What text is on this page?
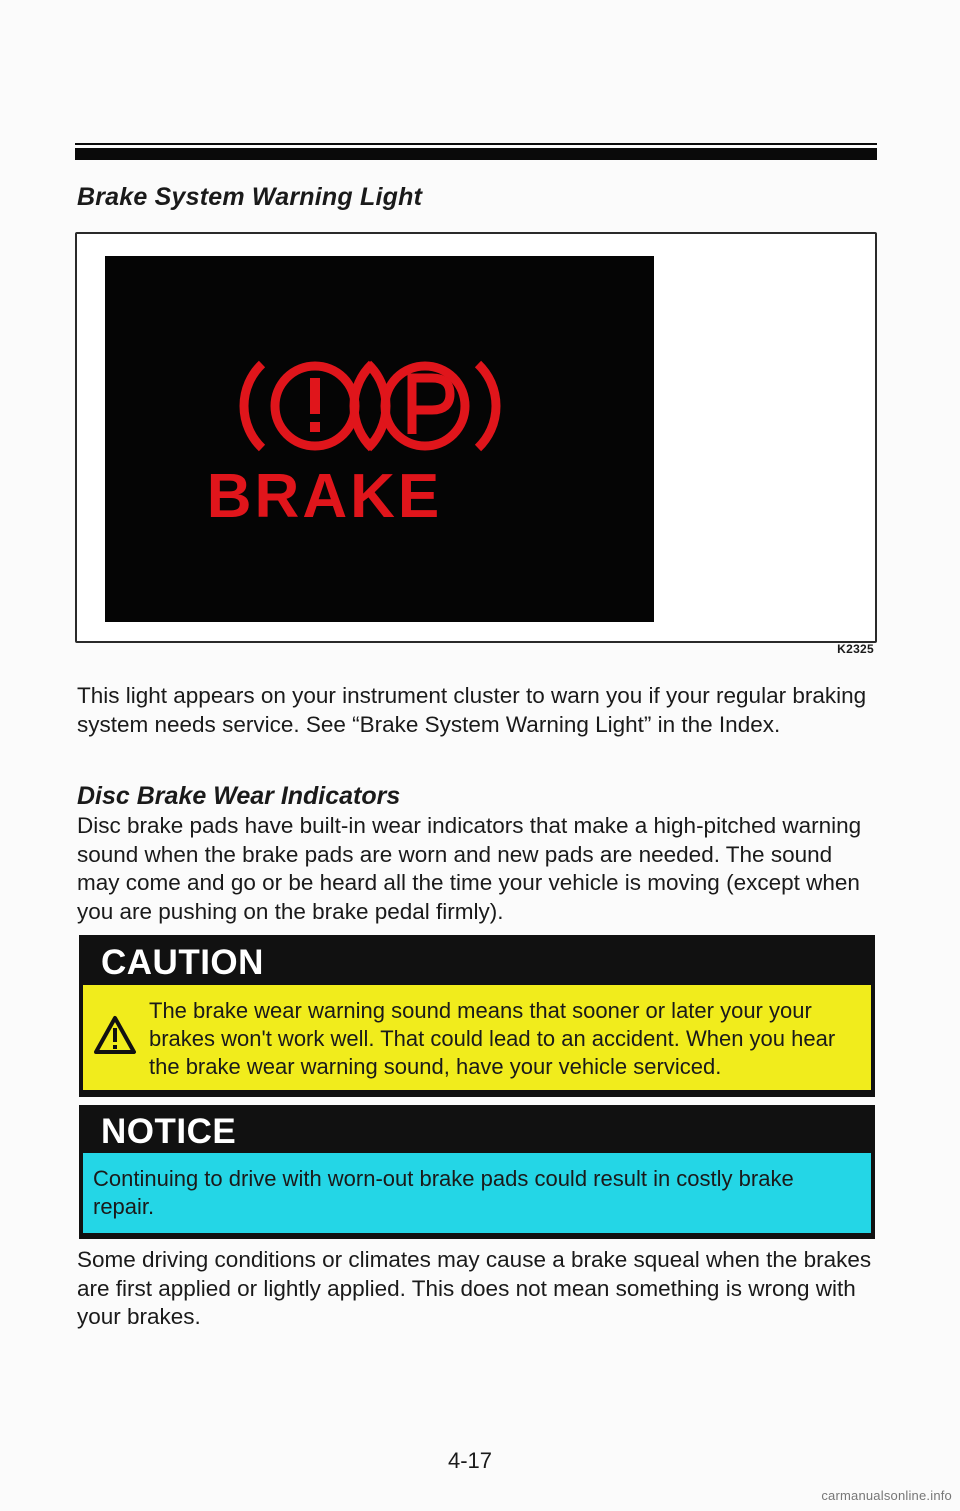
Brake System Warning Light
BRAKE
K2325

This light appears on your instrument cluster to warn you if your regular braking system needs service. See “Brake System Warning Light” in the Index.

Disc Brake Wear Indicators

Disc brake pads have built-in wear indicators that make a high-pitched warning sound when the brake pads are worn and new pads are needed. The sound may come and go or be heard all the time your vehicle is moving (except when you are pushing on the brake pedal firmly).

CAUTION

The brake wear warning sound means that sooner or later your your brakes won't work well. That could lead to an accident. When you hear the brake wear warning sound, have your vehicle serviced.

NOTICE

Continuing to drive with worn-out brake pads could result in costly brake repair.

Some driving conditions or climates may cause a brake squeal when the brakes are first applied or lightly applied. This does not mean something is wrong with your brakes.

4-17
carmanualsonline.info
